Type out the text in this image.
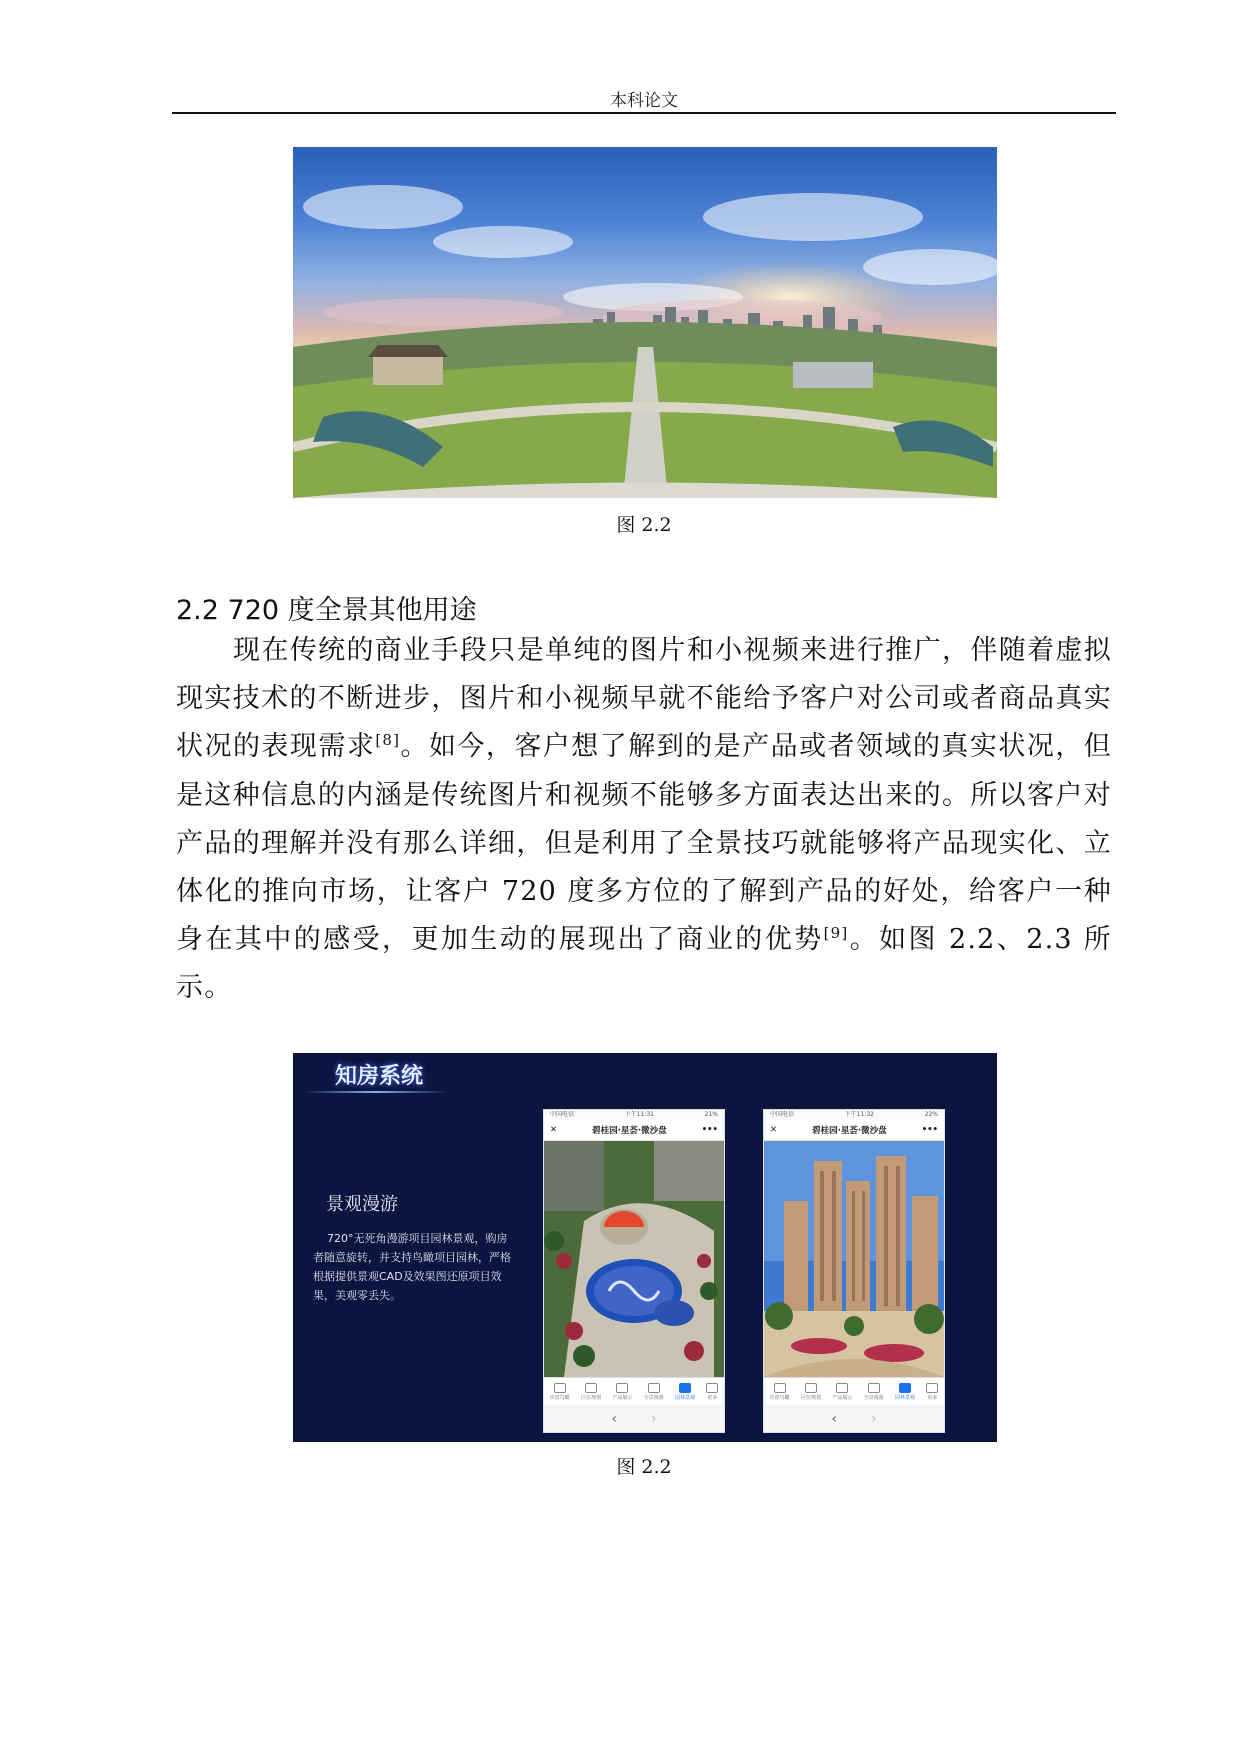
本科论文
图 2.2
2.2 720 度全景其他用途
现在传统的商业手段只是单纯的图片和小视频来进行推广，伴随着虚拟现实技术的不断进步，图片和小视频早就不能给予客户对公司或者商品真实状况的表现需求[8]。如今，客户想了解到的是产品或者领域的真实状况，但是这种信息的内涵是传统图片和视频不能够多方面表达出来的。所以客户对产品的理解并没有那么详细，但是利用了全景技巧就能够将产品现实化、立体化的推向市场，让客户 720 度多方位的了解到产品的好处，给客户一种身在其中的感受，更加生动的展现出了商业的优势[9]。如图 2.2、2.3 所示。
知房系统
景观漫游
720°无死角漫游项目园林景观，购房者随意旋转，并支持鸟瞰项目园林，严格根据提供景观CAD及效果图还原项目效果，美观零丢失。
中国电信	下午11:31	21%
✕	碧桂园·星荟·微沙盘	•••
沙盘鸟瞰 区位规划 产品展示 全景漫游 园林景观 更多
‹ ›
中国电信	下午11:32	22%
✕	碧桂园·星荟·微沙盘	•••
沙盘鸟瞰 区位规划 产品展示 全景漫游 园林景观 更多
‹ ›
图 2.2
